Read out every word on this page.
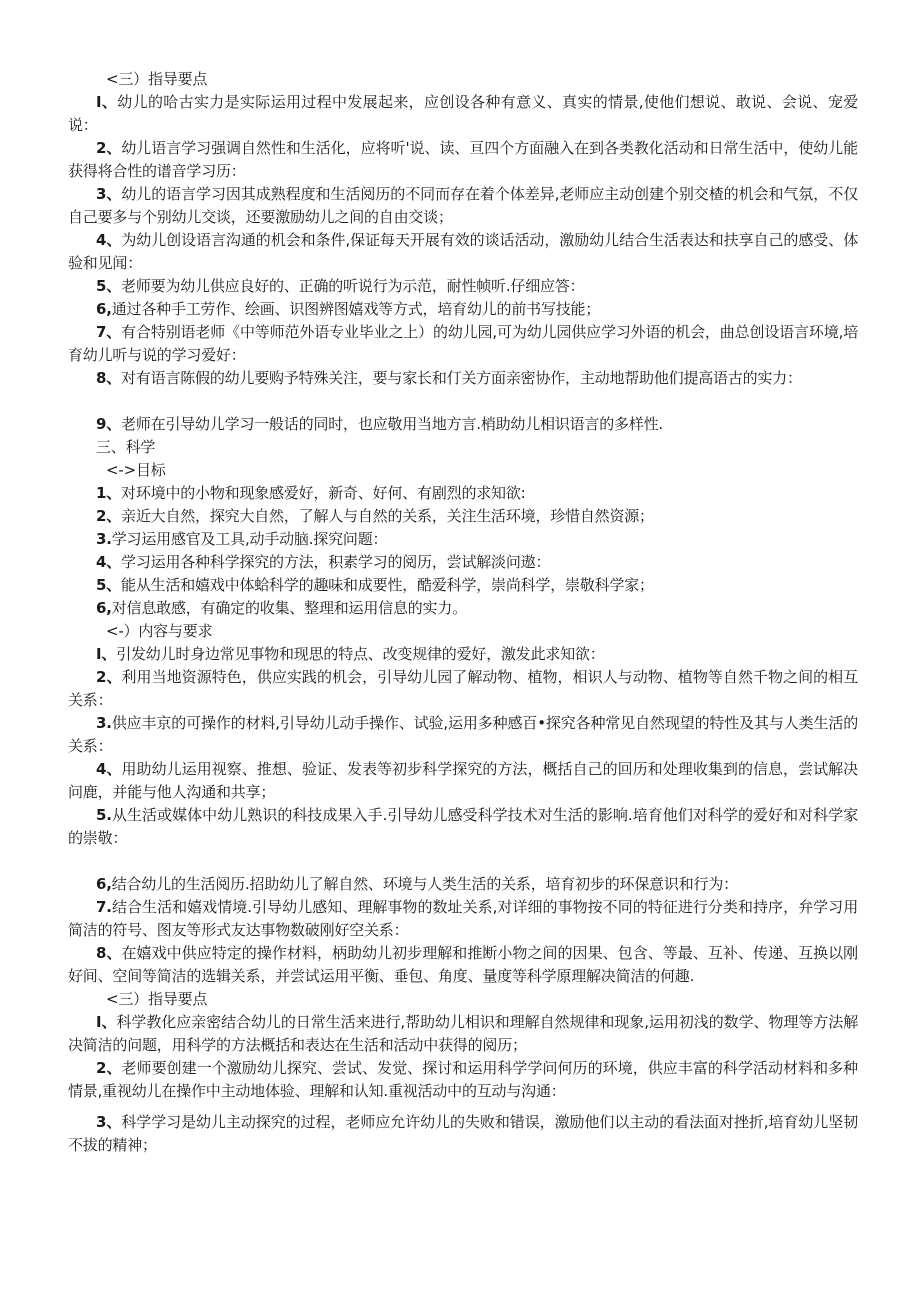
<三）指导要点

I、幼儿的哈古实力是实际运用过程中发展起来，应创设各种有意义、真实的情景,使他们想说、敢说、会说、宠爱说：

2、幼儿语言学习强调自然性和生活化，应将听'说、读、亘四个方面融入在到各类教化活动和日常生活中，使幼儿能获得将合性的谱音学习历：

3、幼儿的语言学习因其成熟程度和生活阅历的不同而存在着个体差异,老师应主动创建个别交楂的机会和气氛，不仅自己要多与个别幼儿交谈，还要激励幼儿之间的自由交谈；

4、为幼儿创设语言沟通的机会和条件,保证每天开展有效的谈话活动，激励幼儿结合生活表达和扶享自己的感受、体验和见闻：

5、老师要为幼儿供应良好的、正确的听说行为示范，耐性帧听.仔细应答：

6,通过各种手工劳作、绘画、识图辨图嬉戏等方式，培育幼儿的前书写技能；

7、有合特别语老师《中等师范外语专业毕业之上）的幼儿园,可为幼儿园供应学习外语的机会，曲总创设语言环境,培育幼儿听与说的学习爱好：

8、对有语言陈假的幼儿要购予特殊关注，要与家长和仃关方面亲密协作，主动地帮助他们提高语古的实力：

9、老师在引导幼儿学习一般话的同时，也应敬用当地方言.梢助幼儿相识语言的多样性.

三、科学

<->目标

1、对环境中的小物和现象感爱好，新奇、好何、有剧烈的求知欲:

2、亲近大自然，探究大自然，了解人与自然的关系，关注生活环境，珍惜自然资源；

3.学习运用感官及工具,动手动脑.探究问题：

4、学习运用各种科学探究的方法，积素学习的阅历，尝试解淡问遨：

5、能从生活和嬉戏中体蛤科学的趣味和成要性，酷爱科学，崇尚科学，崇敬科学家；

6,对信息敢感，有确定的收集、整理和运用信息的实力。

<-）内容与要求

I、引发幼儿时身边常见事物和现思的特点、改变规律的爱好，激发此求知欲：

2、利用当地资源特色，供应实践的机会，引导幼儿园了解动物、植物，相识人与动物、植物等自然千物之间的相互关系：

3.供应丰京的可操作的材料,引导幼儿动手操作、试验,运用多种感百•探究各种常见自然现望的特性及其与人类生活的关系：

4、用助幼儿运用视察、推想、验证、发表等初步科学探究的方法，概括自己的回历和处理收集到的信息，尝试解决问鹿，并能与他人沟通和共享；

5.从生活或媒体中幼儿熟识的科技成果入手.引导幼儿感受科学技术对生活的影响.培育他们对科学的爱好和对科学家的崇敬：

6,结合幼儿的生活阅历.招助幼儿了解自然、环境与人类生活的关系，培育初步的环保意识和行为：

7.结合生活和嬉戏情境.引导幼儿感知、理解事物的数址关系,对详细的事物按不同的特征进行分类和持序，弁学习用简洁的符号、图友等形式友达事物数破刚好空关系：

8、在嬉戏中供应特定的操作材料，柄助幼儿初步理解和推断小物之间的因果、包含、等最、互补、传递、互换以刚好间、空间等简洁的选辑关系，并尝试运用平衡、垂包、角度、量度等科学原理解决简洁的何趣.

<三）指导要点

I、科学教化应亲密结合幼儿的日常生活来进行,帮助幼儿相识和理解自然规律和现象,运用初浅的数学、物理等方法解决简洁的问题，用科学的方法概括和表达在生活和活动中获得的阅历；

2、老师要创建一个激励幼儿探究、尝试、发觉、探讨和运用科学学问何历的环境，供应丰富的科学活动材料和多种情景,重视幼儿在操作中主动地体验、理解和认知.重视活动中的互动与沟通：

3、科学学习是幼儿主动探究的过程，老师应允许幼儿的失败和错误，激励他们以主动的看法面对挫折,培育幼儿坚韧不拔的精神；
